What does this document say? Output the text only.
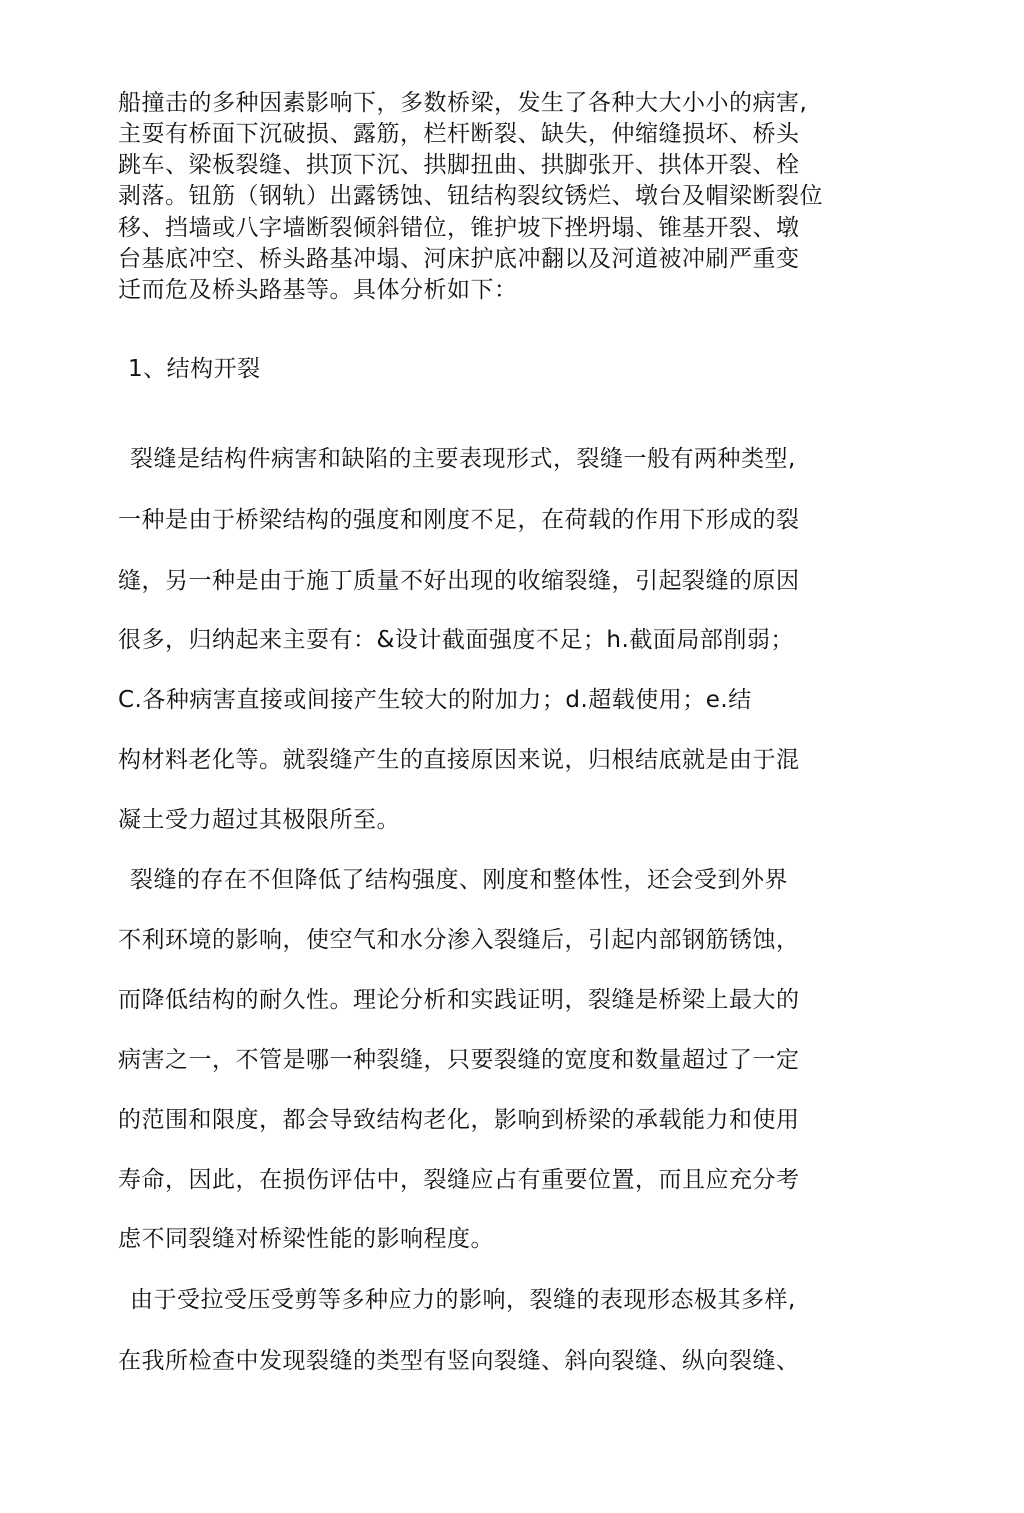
船撞击的多种因素影响下，多数桥梁，发生了各种大大小小的病害,
主耍有桥面下沉破损、露筋，栏杆断裂、缺失，仲缩缝损坏、桥头
跳车、梁板裂缝、拱顶下沉、拱脚扭曲、拱脚张开、拱体开裂、栓
剥落。钮筋（钢轨）出露锈蚀、钮结构裂纹锈烂、墩台及帽梁断裂位
移、挡墙或八字墙断裂倾斜错位，锥护坡下挫坍塌、锥基开裂、墩
台基底冲空、桥头路基冲塌、河床护底冲翻以及河道被冲刷严重变
迁而危及桥头路基等。具体分析如下：
1、结构开裂
裂缝是结构件病害和缺陷的主要表现形式，裂缝一般有两种类型,
一种是由于桥梁结构的强度和刚度不足，在荷载的作用下形成的裂
缝，另一种是由于施丁质量不好出现的收缩裂缝，引起裂缝的原因
很多，归纳起来主耍有：&设计截面强度不足；h.截面局部削弱；
C.各种病害直接或间接产生较大的附加力；d.超载使用；e.结
构材料老化等。就裂缝产生的直接原因来说，归根结底就是由于混
凝土受力超过其极限所至。
裂缝的存在不但降低了结构强度、刚度和整体性，还会受到外界
不利环境的影响，使空气和水分渗入裂缝后，引起内部钢筋锈蚀，
而降低结构的耐久性。理论分析和实践证明，裂缝是桥梁上最大的
病害之一，不管是哪一种裂缝，只要裂缝的宽度和数量超过了一定
的范围和限度，都会导致结构老化，影响到桥梁的承载能力和使用
寿命，因此，在损伤评估中，裂缝应占有重要位置，而且应充分考
虑不同裂缝对桥梁性能的影响程度。
由于受拉受压受剪等多种应力的影响，裂缝的表现形态极其多样,
在我所检查中发现裂缝的类型有竖向裂缝、斜向裂缝、纵向裂缝、
